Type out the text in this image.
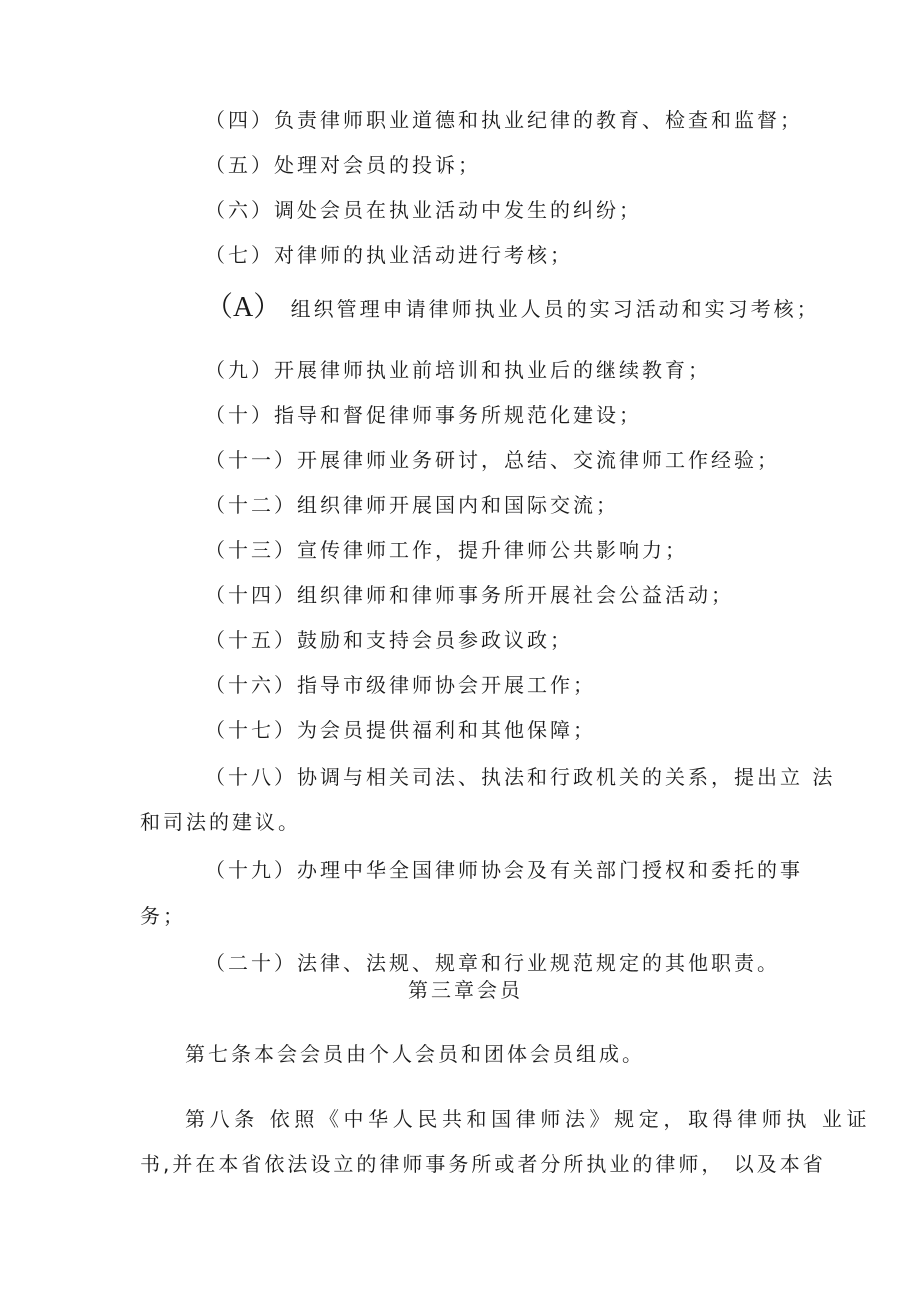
（四）负责律师职业道德和执业纪律的教育、检查和监督；
（五）处理对会员的投诉；
（六）调处会员在执业活动中发生的纠纷；
（七）对律师的执业活动进行考核；
（A） 组织管理申请律师执业人员的实习活动和实习考核；
（九）开展律师执业前培训和执业后的继续教育；
（十）指导和督促律师事务所规范化建设；
（十一）开展律师业务研讨，总结、交流律师工作经验；
（十二）组织律师开展国内和国际交流；
（十三）宣传律师工作，提升律师公共影响力；
（十四）组织律师和律师事务所开展社会公益活动；
（十五）鼓励和支持会员参政议政；
（十六）指导市级律师协会开展工作；
（十七）为会员提供福利和其他保障；
（十八）协调与相关司法、执法和行政机关的关系，提出立 法
和司法的建议。
（十九）办理中华全国律师协会及有关部门授权和委托的事
务；
（二十）法律、法规、规章和行业规范规定的其他职责。
第三章会员
第七条本会会员由个人会员和团体会员组成。
第八条 依照《中华人民共和国律师法》规定，取得律师执 业证
书,并在本省依法设立的律师事务所或者分所执业的律师， 以及本省
